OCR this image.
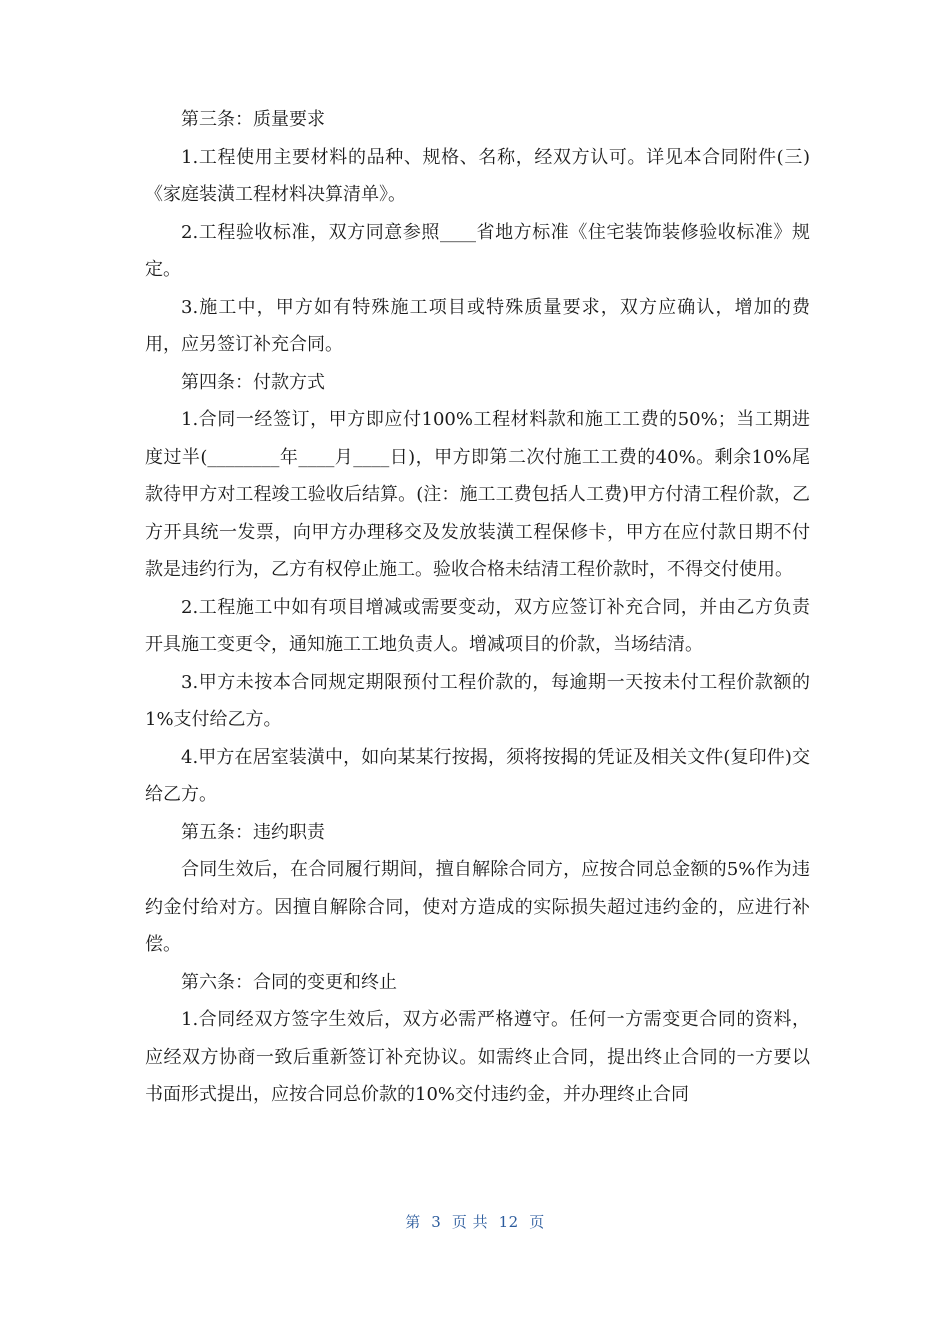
第三条：质量要求

1.工程使用主要材料的品种、规格、名称，经双方认可。详见本合同附件(三)《家庭装潢工程材料决算清单》。

2.工程验收标准，双方同意参照____省地方标准《住宅装饰装修验收标准》规定。

3.施工中，甲方如有特殊施工项目或特殊质量要求，双方应确认，增加的费用，应另签订补充合同。

第四条：付款方式

1.合同一经签订，甲方即应付100%工程材料款和施工工费的50%；当工期进度过半(________年____月____日)，甲方即第二次付施工工费的40%。剩余10%尾款待甲方对工程竣工验收后结算。(注：施工工费包括人工费)甲方付清工程价款，乙方开具统一发票，向甲方办理移交及发放装潢工程保修卡，甲方在应付款日期不付款是违约行为，乙方有权停止施工。验收合格未结清工程价款时，不得交付使用。

2.工程施工中如有项目增减或需要变动，双方应签订补充合同，并由乙方负责开具施工变更令，通知施工工地负责人。增减项目的价款，当场结清。

3.甲方未按本合同规定期限预付工程价款的，每逾期一天按未付工程价款额的1%支付给乙方。

4.甲方在居室装潢中，如向某某行按揭，须将按揭的凭证及相关文件(复印件)交给乙方。

第五条：违约职责

合同生效后，在合同履行期间，擅自解除合同方，应按合同总金额的5%作为违约金付给对方。因擅自解除合同，使对方造成的实际损失超过违约金的，应进行补偿。

第六条：合同的变更和终止

1.合同经双方签字生效后，双方必需严格遵守。任何一方需变更合同的资料，应经双方协商一致后重新签订补充协议。如需终止合同，提出终止合同的一方要以书面形式提出，应按合同总价款的10%交付违约金，并办理终止合同

第  3  页 共  12  页
